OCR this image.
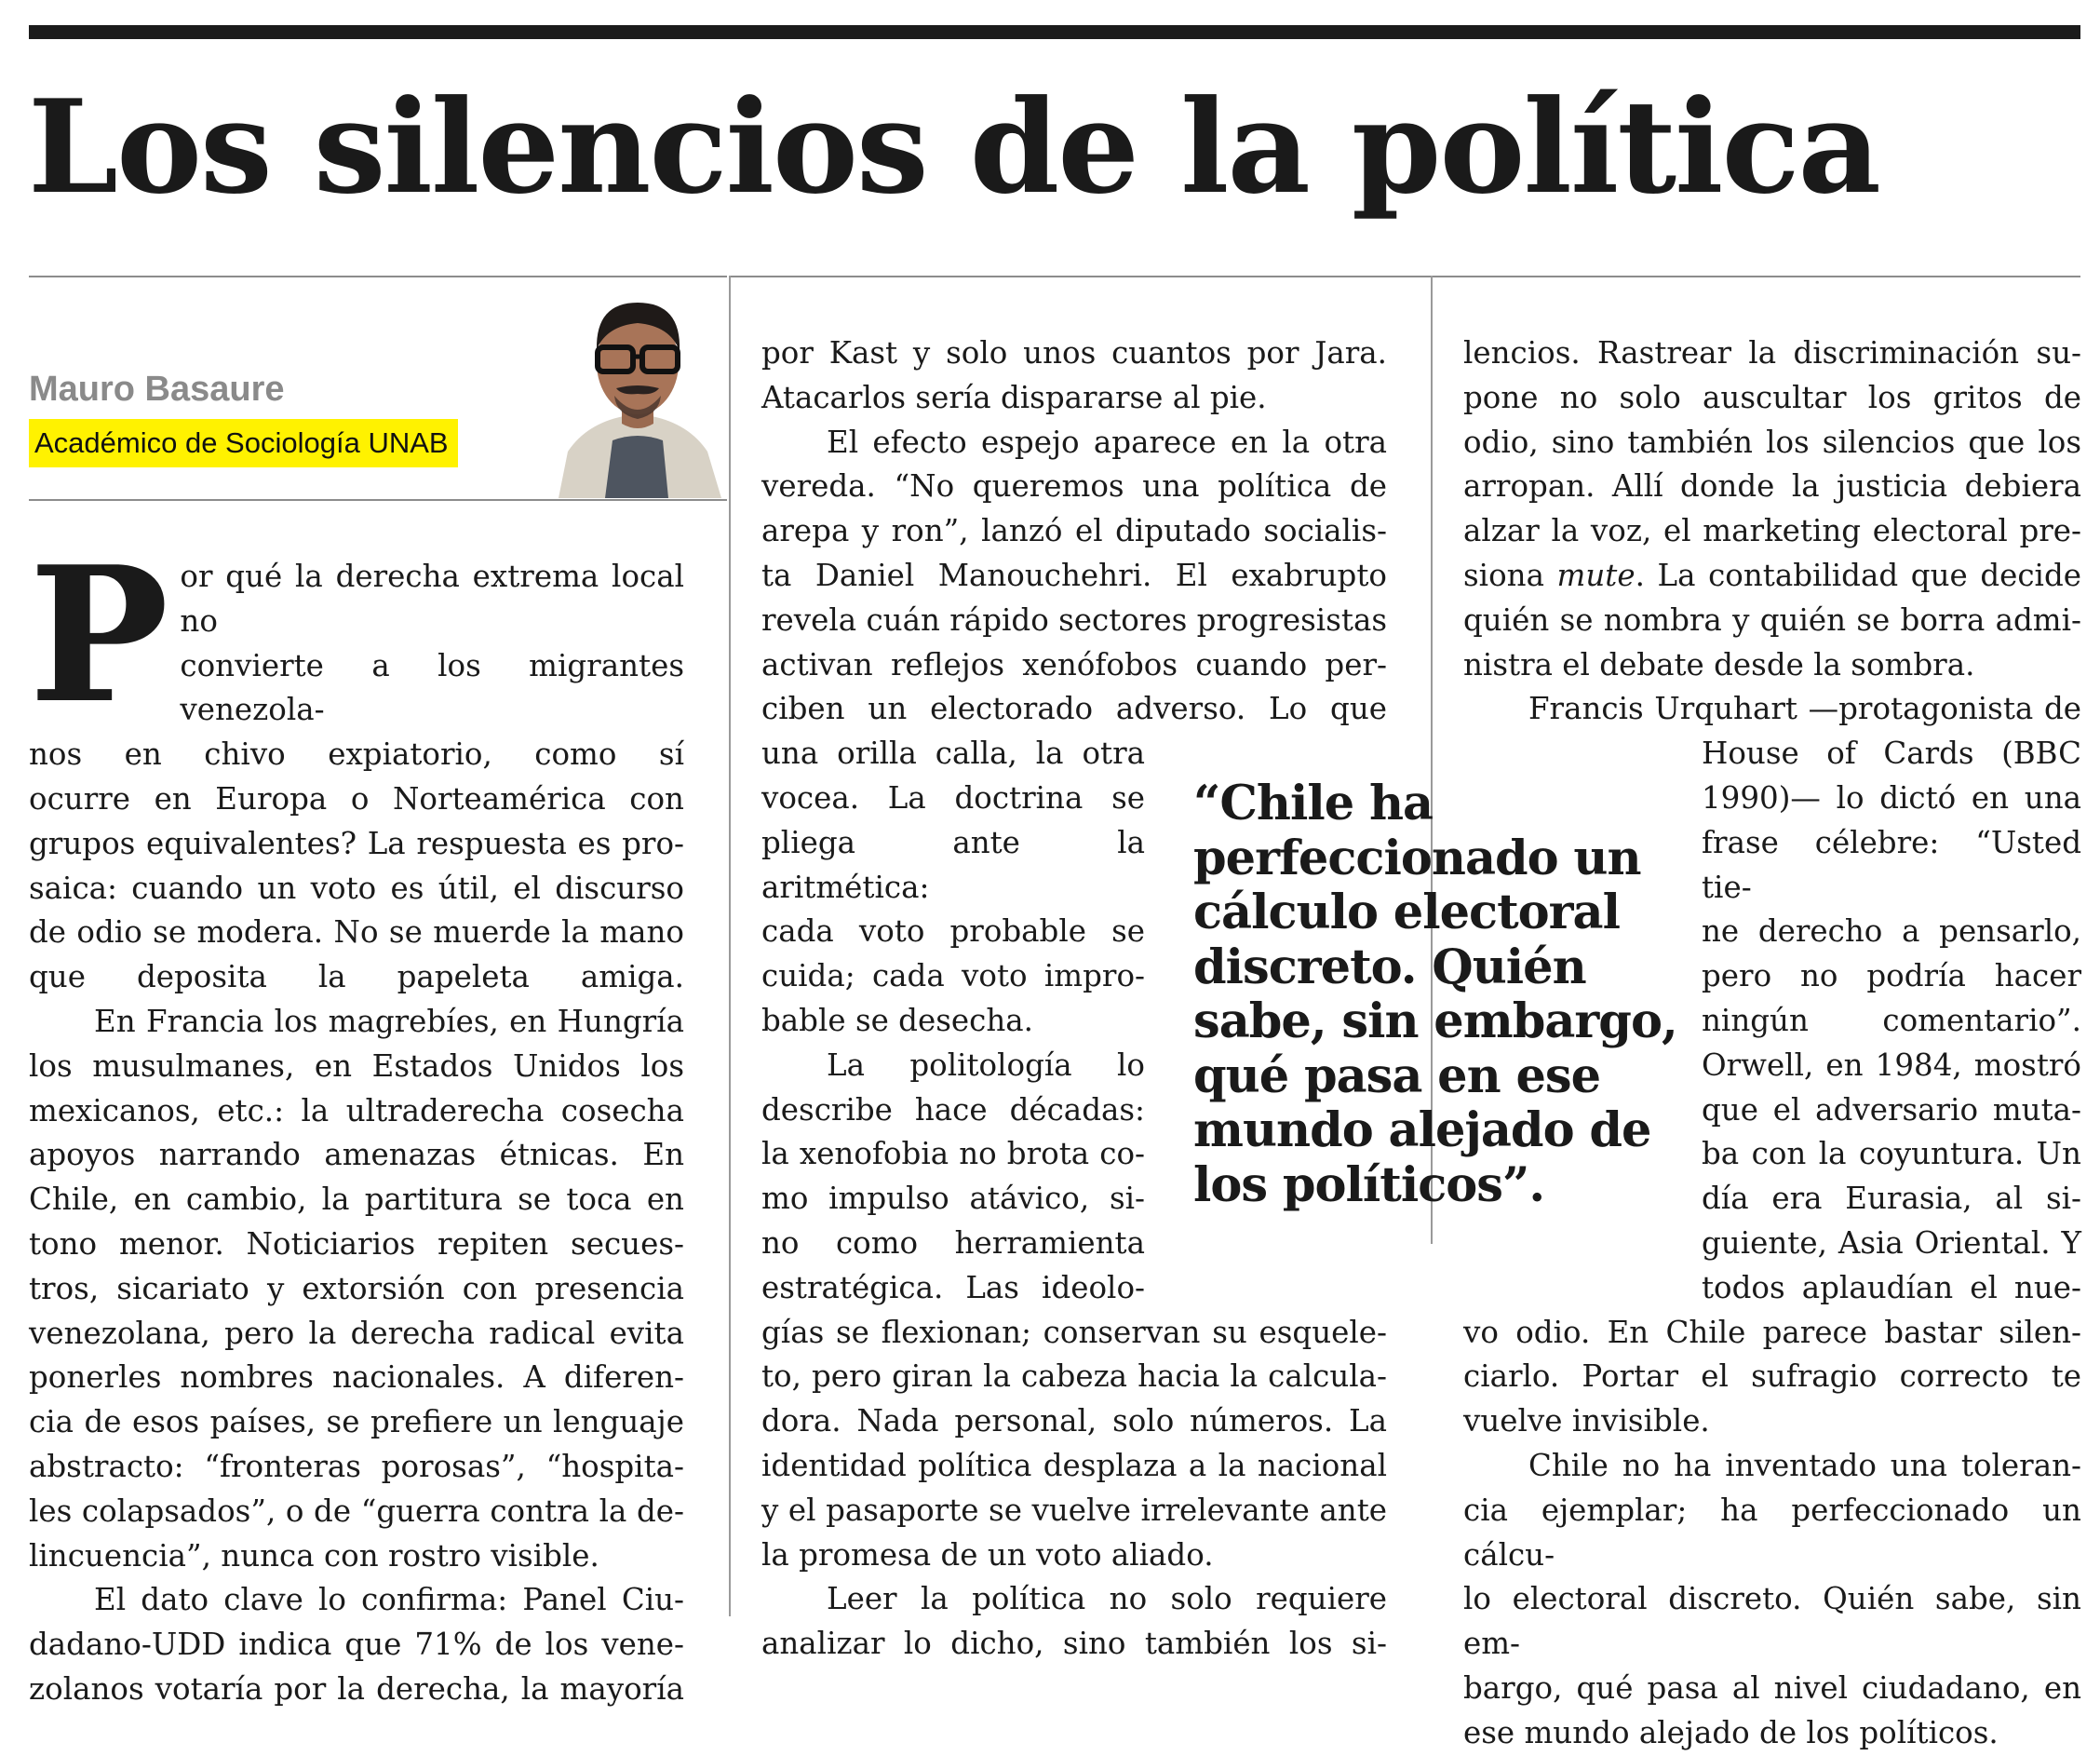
Los silencios de la política
Mauro Basaure
Académico de Sociología UNAB
P or qué la derecha extrema local no
convierte a los migrantes venezola-
nos en chivo expiatorio, como sí
ocurre en Europa o Norteamérica con
grupos equivalentes? La respuesta es pro-
saica: cuando un voto es útil, el discurso
de odio se modera. No se muerde la mano
que deposita la papeleta amiga.

En Francia los magrebíes, en Hungría
los musulmanes, en Estados Unidos los
mexicanos, etc.: la ultraderecha cosecha
apoyos narrando amenazas étnicas. En
Chile, en cambio, la partitura se toca en
tono menor. Noticiarios repiten secues-
tros, sicariato y extorsión con presencia
venezolana, pero la derecha radical evita
ponerles nombres nacionales. A diferen-
cia de esos países, se prefiere un lenguaje
abstracto: “fronteras porosas”, “hospita-
les colapsados”, o de “guerra contra la de-
lincuencia”, nunca con rostro visible.
El dato clave lo confirma: Panel Ciu-
dadano-UDD indica que 71% de los vene-
zolanos votaría por la derecha, la mayoría
por Kast y solo unos cuantos por Jara.
Atacarlos sería dispararse al pie.
El efecto espejo aparece en la otra
vereda. “No queremos una política de
arepa y ron”, lanzó el diputado socialis-
ta Daniel Manouchehri. El exabrupto
revela cuán rápido sectores progresistas
activan reflejos xenófobos cuando per-
ciben un electorado adverso. Lo que
una orilla calla, la otra
vocea. La doctrina se
pliega ante la aritmética:
cada voto probable se
cuida; cada voto impro-
bable se desecha.
La politología lo
describe hace décadas:
la xenofobia no brota co-
mo impulso atávico, si-
no como herramienta
estratégica. Las ideolo-
gías se flexionan; conservan su esquele-
to, pero giran la cabeza hacia la calcula-
dora. Nada personal, solo números. La
identidad política desplaza a la nacional
y el pasaporte se vuelve irrelevante ante
la promesa de un voto aliado.
Leer la política no solo requiere
analizar lo dicho, sino también los si-
“Chile ha
perfeccionado un
cálculo electoral
discreto. Quién
sabe, sin embargo,
qué pasa en ese
mundo alejado de
los políticos”.
lencios. Rastrear la discriminación su-
pone no solo auscultar los gritos de
odio, sino también los silencios que los
arropan. Allí donde la justicia debiera
alzar la voz, el marketing electoral pre-
siona mute. La contabilidad que decide
quién se nombra y quién se borra admi-
nistra el debate desde la sombra.
Francis Urquhart —protagonista de
House of Cards (BBC
1990)— lo dictó en una
frase célebre: “Usted tie-
ne derecho a pensarlo,
pero no podría hacer
ningún comentario”.
Orwell, en 1984, mostró
que el adversario muta-
ba con la coyuntura. Un
día era Eurasia, al si-
guiente, Asia Oriental. Y
todos aplaudían el nue-
vo odio. En Chile parece bastar silen-
ciarlo. Portar el sufragio correcto te
vuelve invisible.
Chile no ha inventado una toleran-
cia ejemplar; ha perfeccionado un cálcu-
lo electoral discreto. Quién sabe, sin em-
bargo, qué pasa al nivel ciudadano, en
ese mundo alejado de los políticos.
